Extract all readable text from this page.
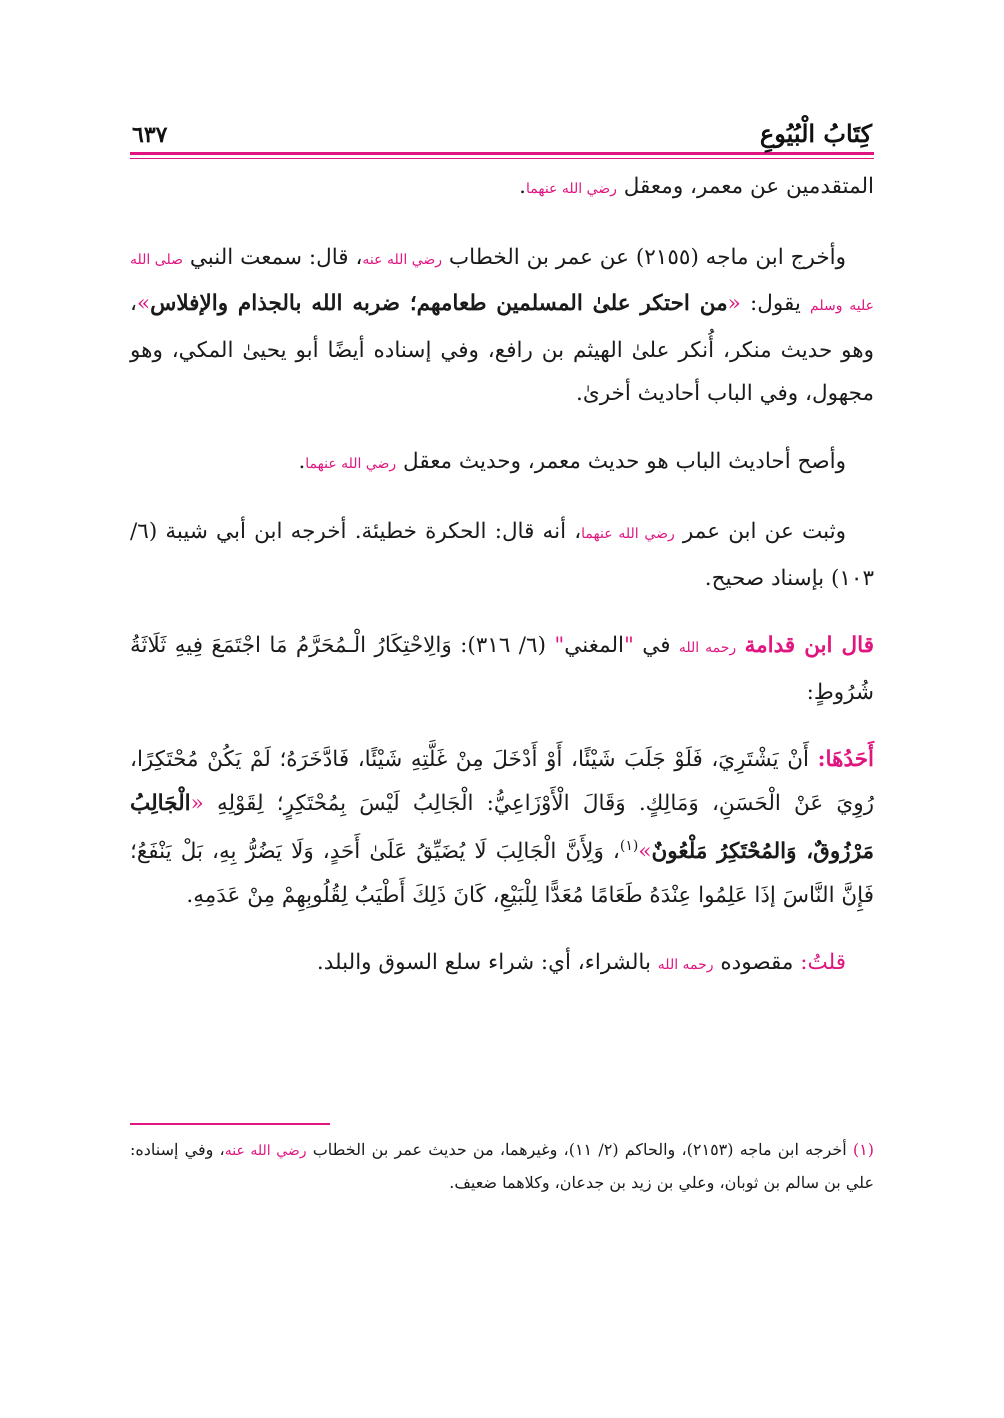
كِتَابُ الْبُيُوعِ
٦٣٧

المتقدمين عن معمر، ومعقل رضي الله عنهما.

وأخرج ابن ماجه (٢١٥٥) عن عمر بن الخطاب رضي الله عنه، قال: سمعت النبي صلى الله عليه وسلم يقول: «من احتكر علىٰ المسلمين طعامهم؛ ضربه الله بالجذام والإفلاس»، وهو حديث منكر، أُنكر علىٰ الهيثم بن رافع، وفي إسناده أيضًا أبو يحيىٰ المكي، وهو مجهول، وفي الباب أحاديث أخرىٰ.

وأصح أحاديث الباب هو حديث معمر، وحديث معقل رضي الله عنهما.

وثبت عن ابن عمر رضي الله عنهما، أنه قال: الحكرة خطيئة. أخرجه ابن أبي شيبة (٦/ ١٠٣) بإسناد صحيح.

قال ابن قدامة رحمه الله في "المغني" (٦/ ٣١٦): وَالِاحْتِكَارُ الْـمُحَرَّمُ مَا اجْتَمَعَ فِيهِ ثَلَاثَةُ شُرُوطٍ:

أَحَدُهَا: أَنْ يَشْتَرِيَ، فَلَوْ جَلَبَ شَيْئًا، أَوْ أَدْخَلَ مِنْ غَلَّتِهِ شَيْئًا، فَادَّخَرَهُ؛ لَمْ يَكُنْ مُحْتَكِرًا، رُوِيَ عَنْ الْحَسَنِ، وَمَالِكٍ. وَقَالَ الْأَوْزَاعِيُّ: الْجَالِبُ لَيْسَ بِمُحْتَكِرٍ؛ لِقَوْلِهِ «الْجَالِبُ مَرْزُوقٌ، وَالمُحْتَكِرُ مَلْعُونٌ»$^{(١)}$، وَلِأَنَّ الْجَالِبَ لَا يُضَيِّقُ عَلَىٰ أَحَدٍ، وَلَا يَضُرُّ بِهِ، بَلْ يَنْفَعُ؛ فَإِنَّ النَّاسَ إذَا عَلِمُوا عِنْدَهُ طَعَامًا مُعَدًّا لِلْبَيْعِ، كَانَ ذَلِكَ أَطْيَبُ لِقُلُوبِهِمْ مِنْ عَدَمِهِ.

قلتُ: مقصوده رحمه الله بالشراء، أي: شراء سلع السوق والبلد.

(١) أخرجه ابن ماجه (٢١٥٣)، والحاكم (٢/ ١١)، وغيرهما، من حديث عمر بن الخطاب رضي الله عنه، وفي إسناده: علي بن سالم بن ثوبان، وعلي بن زيد بن جدعان، وكلاهما ضعيف.
